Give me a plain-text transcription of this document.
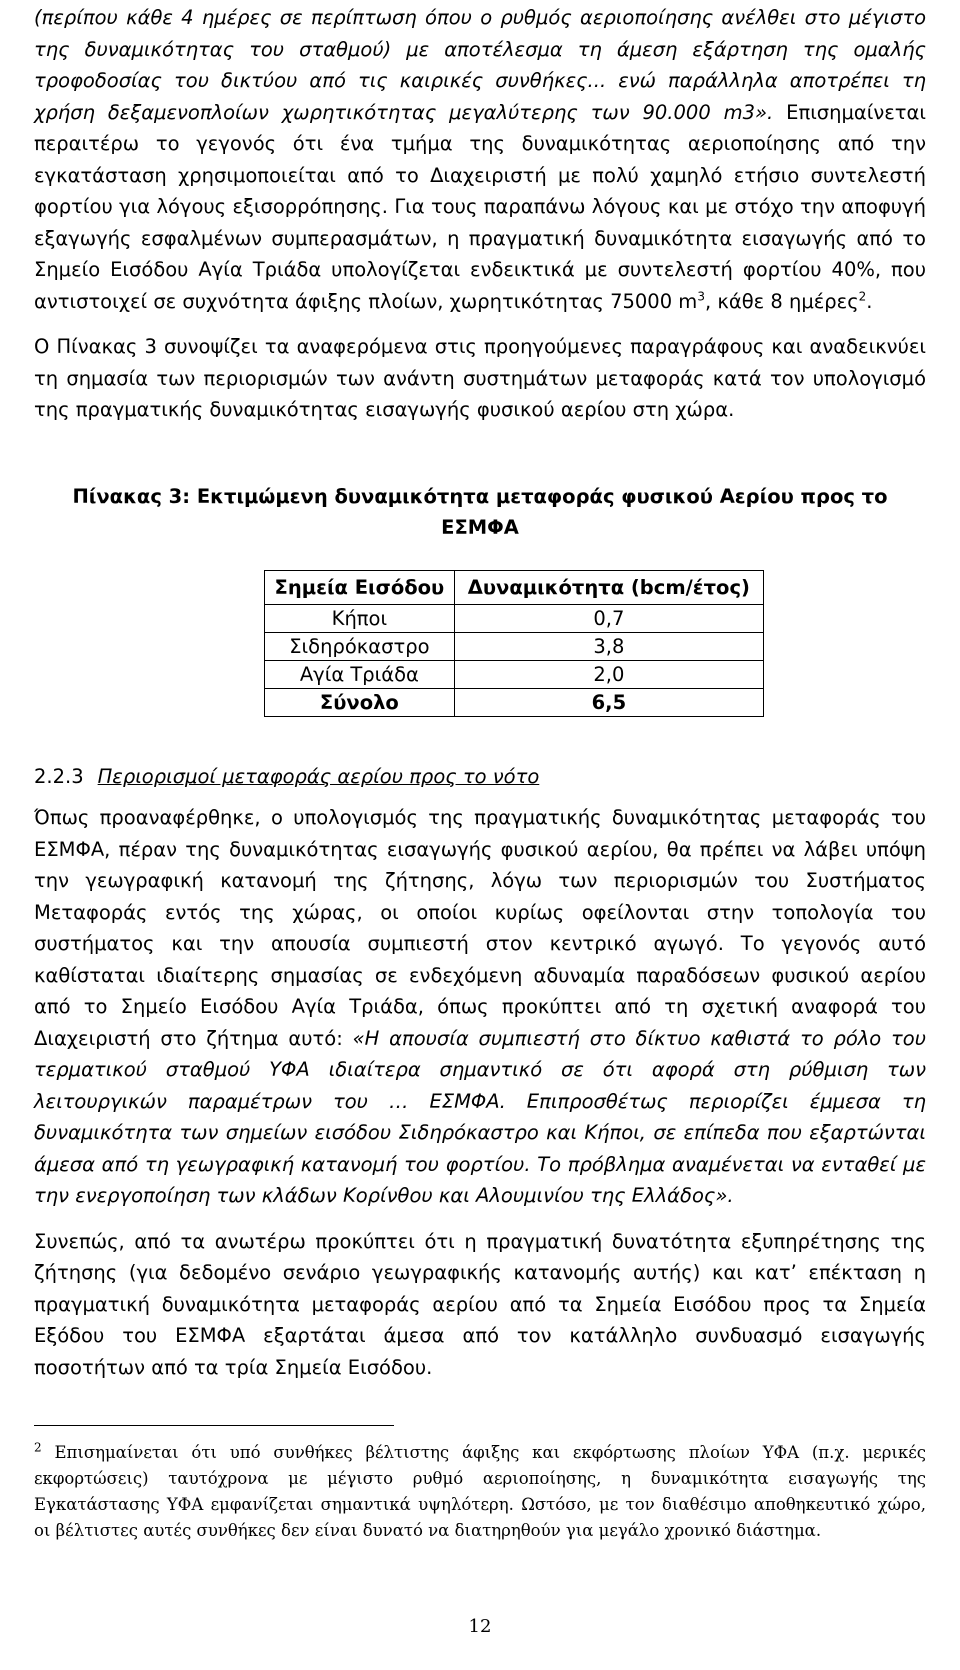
(περίπου κάθε 4 ημέρες σε περίπτωση όπου ο ρυθμός αεριοποίησης ανέλθει στο μέγιστο της δυναμικότητας του σταθμού) με αποτέλεσμα τη άμεση εξάρτηση της ομαλής τροφοδοσίας του δικτύου από τις καιρικές συνθήκες... ενώ παράλληλα αποτρέπει τη χρήση δεξαμενοπλοίων χωρητικότητας μεγαλύτερης των 90.000 m3». Επισημαίνεται περαιτέρω το γεγονός ότι ένα τμήμα της δυναμικότητας αεριοποίησης από την εγκατάσταση χρησιμοποιείται από το Διαχειριστή με πολύ χαμηλό ετήσιο συντελεστή φορτίου για λόγους εξισορρόπησης. Για τους παραπάνω λόγους και με στόχο την αποφυγή εξαγωγής εσφαλμένων συμπερασμάτων, η πραγματική δυναμικότητα εισαγωγής από το Σημείο Εισόδου Αγία Τριάδα υπολογίζεται ενδεικτικά με συντελεστή φορτίου 40%, που αντιστοιχεί σε συχνότητα άφιξης πλοίων, χωρητικότητας 75000 $m^3$, κάθε 8 ημέρες$^2$.

Ο Πίνακας 3 συνοψίζει τα αναφερόμενα στις προηγούμενες παραγράφους και αναδεικνύει τη σημασία των περιορισμών των ανάντη συστημάτων μεταφοράς κατά τον υπολογισμό της πραγματικής δυναμικότητας εισαγωγής φυσικού αερίου στη χώρα.

Πίνακας 3: Εκτιμώμενη δυναμικότητα μεταφοράς φυσικού Αερίου προς το ΕΣΜΦΑ
Σημεία Εισόδου	Δυναμικότητα (bcm/έτος)
Κήποι	0,7
Σιδηρόκαστρο	3,8
Αγία Τριάδα	2,0
Σύνολο	6,5
2.2.3 Περιορισμοί μεταφοράς αερίου προς το νότο

Όπως προαναφέρθηκε, ο υπολογισμός της πραγματικής δυναμικότητας μεταφοράς του ΕΣΜΦΑ, πέραν της δυναμικότητας εισαγωγής φυσικού αερίου, θα πρέπει να λάβει υπόψη την γεωγραφική κατανομή της ζήτησης, λόγω των περιορισμών του Συστήματος Μεταφοράς εντός της χώρας, οι οποίοι κυρίως οφείλονται στην τοπολογία του συστήματος και την απουσία συμπιεστή στον κεντρικό αγωγό. Το γεγονός αυτό καθίσταται ιδιαίτερης σημασίας σε ενδεχόμενη αδυναμία παραδόσεων φυσικού αερίου από το Σημείο Εισόδου Αγία Τριάδα, όπως προκύπτει από τη σχετική αναφορά του Διαχειριστή στο ζήτημα αυτό: «Η απουσία συμπιεστή στο δίκτυο καθιστά το ρόλο του τερματικού σταθμού ΥΦΑ ιδιαίτερα σημαντικό σε ότι αφορά στη ρύθμιση των λειτουργικών παραμέτρων του … ΕΣΜΦΑ. Επιπροσθέτως περιορίζει έμμεσα τη δυναμικότητα των σημείων εισόδου Σιδηρόκαστρο και Κήποι, σε επίπεδα που εξαρτώνται άμεσα από τη γεωγραφική κατανομή του φορτίου. Το πρόβλημα αναμένεται να ενταθεί με την ενεργοποίηση των κλάδων Κορίνθου και Αλουμινίου της Ελλάδος».

Συνεπώς, από τα ανωτέρω προκύπτει ότι η πραγματική δυνατότητα εξυπηρέτησης της ζήτησης (για δεδομένο σενάριο γεωγραφικής κατανομής αυτής) και κατ’ επέκταση η πραγματική δυναμικότητα μεταφοράς αερίου από τα Σημεία Εισόδου προς τα Σημεία Εξόδου του ΕΣΜΦΑ εξαρτάται άμεσα από τον κατάλληλο συνδυασμό εισαγωγής ποσοτήτων από τα τρία Σημεία Εισόδου.

$^2$ Επισημαίνεται ότι υπό συνθήκες βέλτιστης άφιξης και εκφόρτωσης πλοίων ΥΦΑ (π.χ. μερικές εκφορτώσεις) ταυτόχρονα με μέγιστο ρυθμό αεριοποίησης, η δυναμικότητα εισαγωγής της Εγκατάστασης ΥΦΑ εμφανίζεται σημαντικά υψηλότερη. Ωστόσο, με τον διαθέσιμο αποθηκευτικό χώρο, οι βέλτιστες αυτές συνθήκες δεν είναι δυνατό να διατηρηθούν για μεγάλο χρονικό διάστημα.

12
